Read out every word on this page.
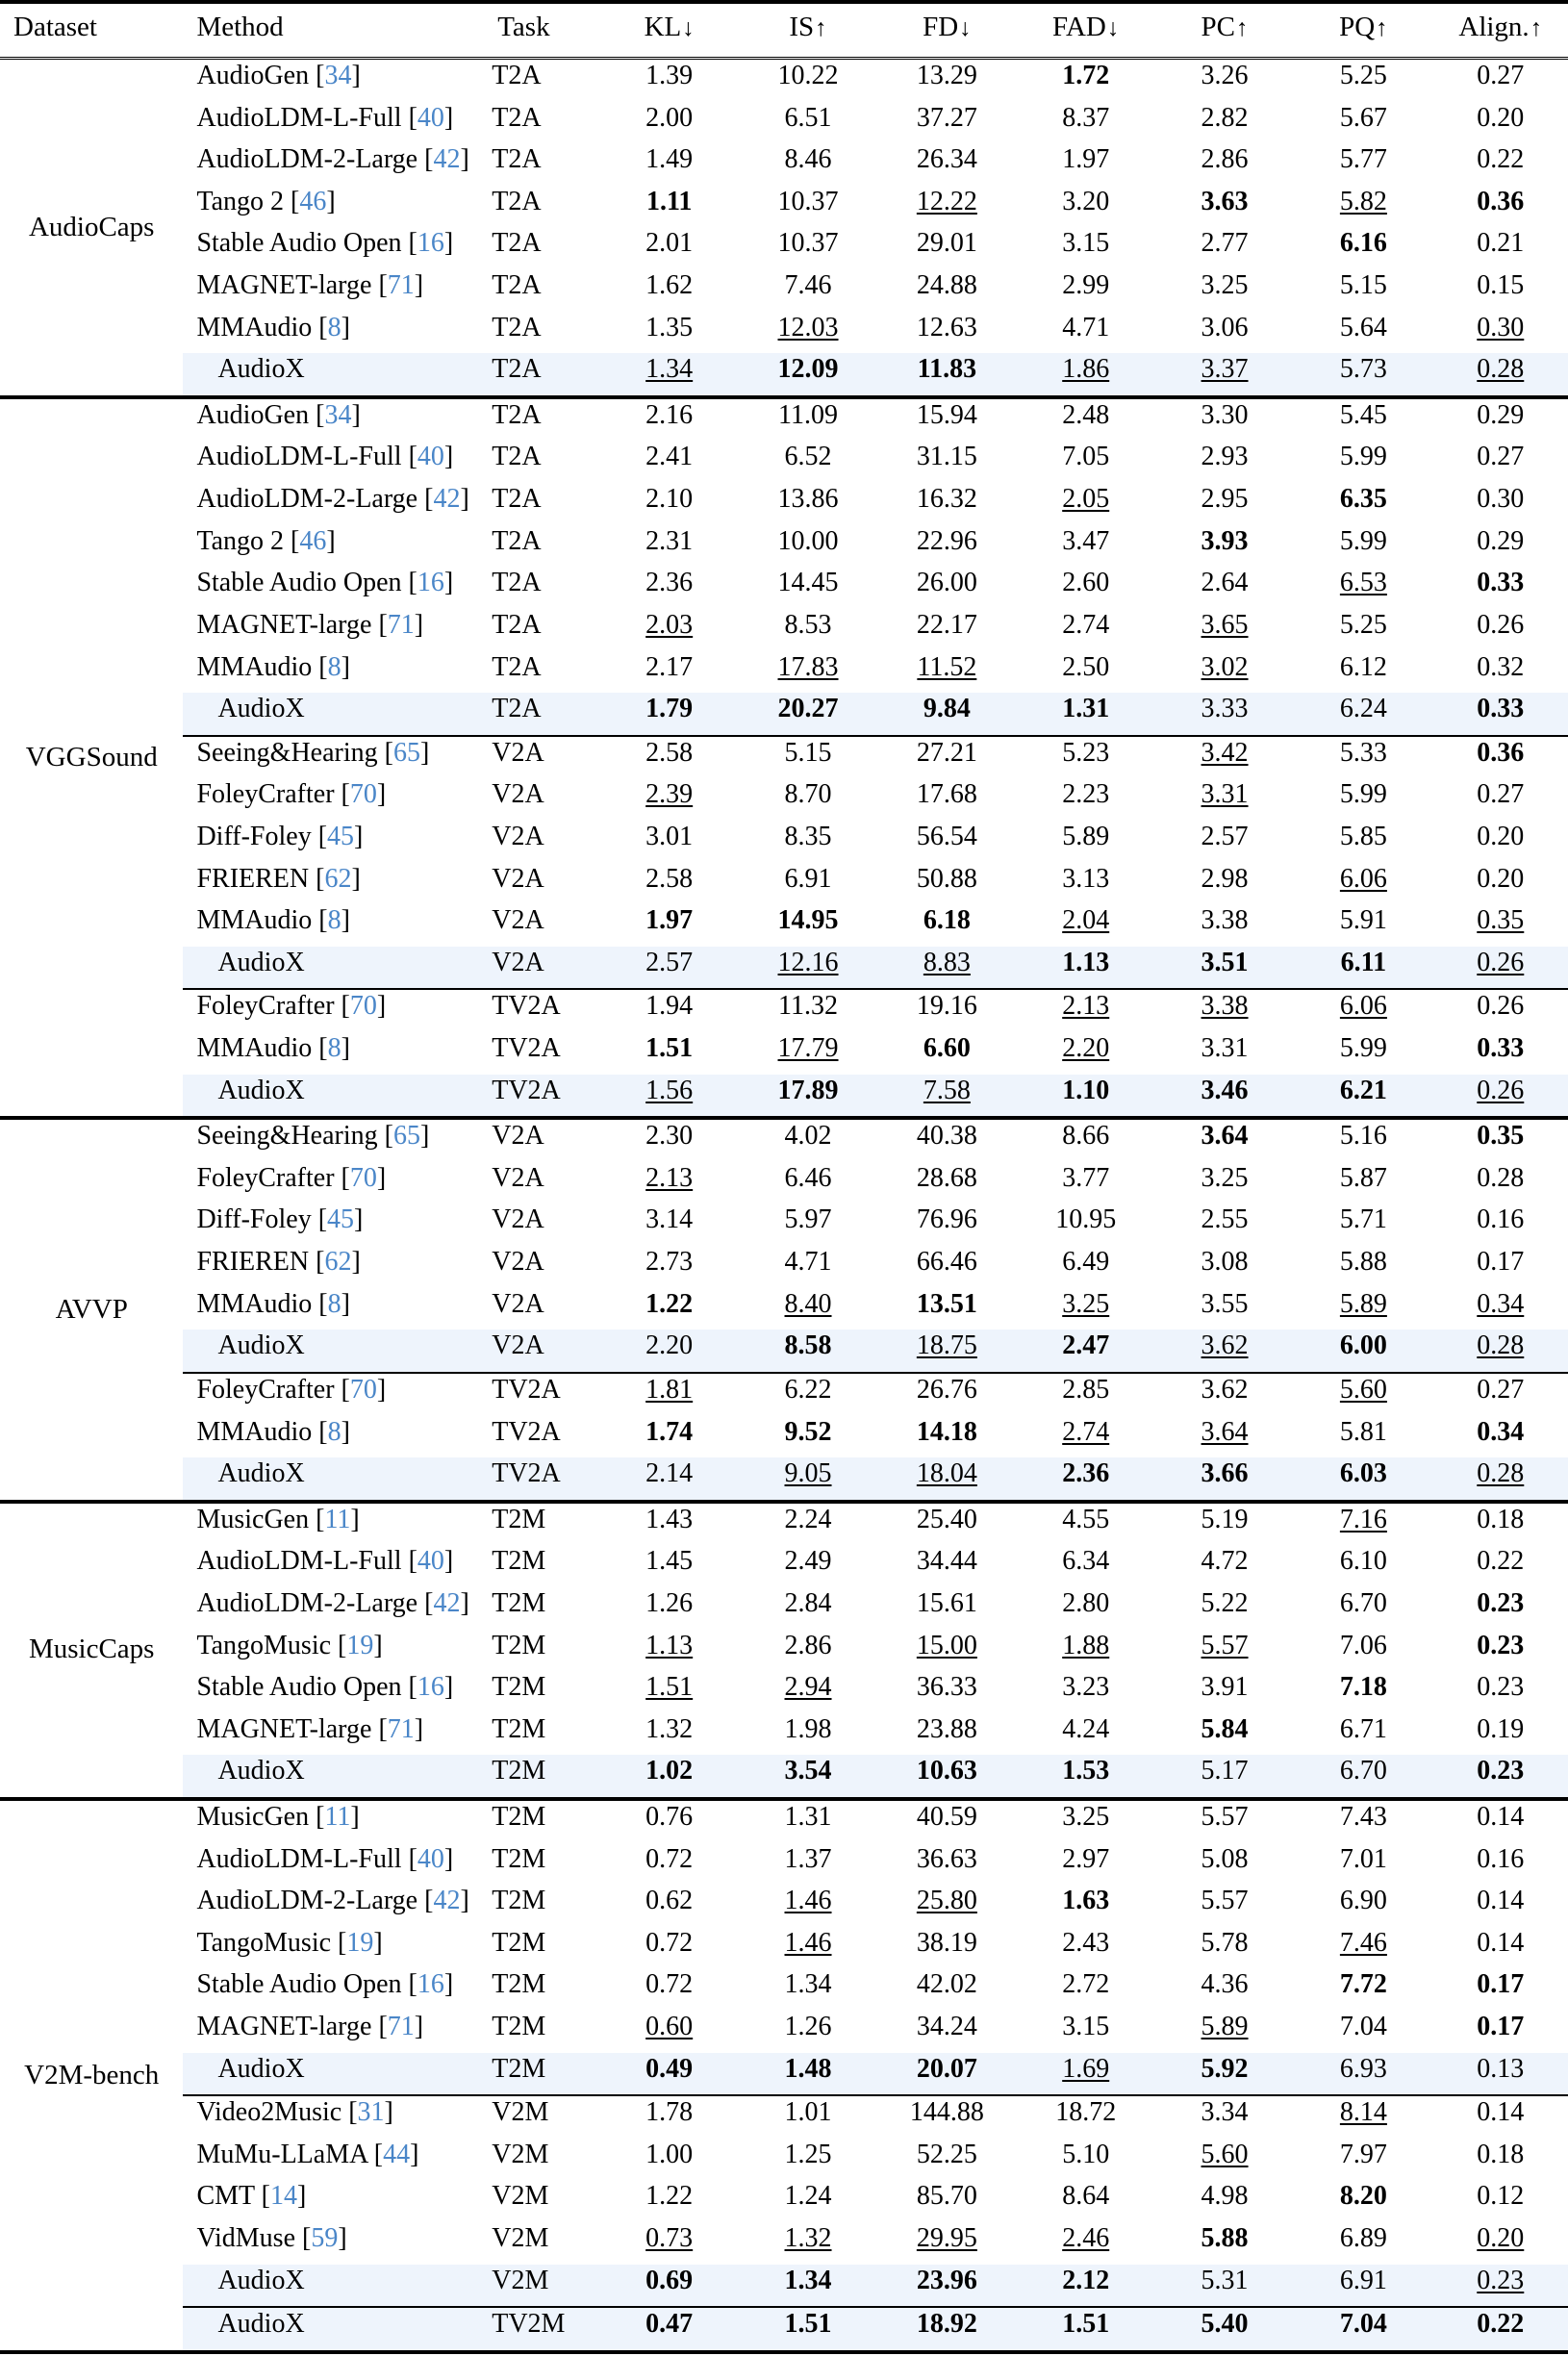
Dataset	Method	Task	KL↓	IS↑	FD↓	FAD↓	PC↑	PQ↑	Align.↑
AudioCaps	AudioGen [34]	T2A	1.39	10.22	13.29	1.72	3.26	5.25	0.27

	AudioLDM-L-Full [40]	T2A	2.00	6.51	37.27	8.37	2.82	5.67	0.20

	AudioLDM-2-Large [42]	T2A	1.49	8.46	26.34	1.97	2.86	5.77	0.22

	Tango 2 [46]	T2A	1.11	10.37	12.22	3.20	3.63	5.82	0.36

	Stable Audio Open [16]	T2A	2.01	10.37	29.01	3.15	2.77	6.16	0.21

	MAGNET-large [71]	T2A	1.62	7.46	24.88	2.99	3.25	5.15	0.15

	MMAudio [8]	T2A	1.35	12.03	12.63	4.71	3.06	5.64	0.30

	AudioX	T2A	1.34	12.09	11.83	1.86	3.37	5.73	0.28

VGGSound	AudioGen [34]	T2A	2.16	11.09	15.94	2.48	3.30	5.45	0.29

	AudioLDM-L-Full [40]	T2A	2.41	6.52	31.15	7.05	2.93	5.99	0.27

	AudioLDM-2-Large [42]	T2A	2.10	13.86	16.32	2.05	2.95	6.35	0.30

	Tango 2 [46]	T2A	2.31	10.00	22.96	3.47	3.93	5.99	0.29

	Stable Audio Open [16]	T2A	2.36	14.45	26.00	2.60	2.64	6.53	0.33

	MAGNET-large [71]	T2A	2.03	8.53	22.17	2.74	3.65	5.25	0.26

	MMAudio [8]	T2A	2.17	17.83	11.52	2.50	3.02	6.12	0.32

	AudioX	T2A	1.79	20.27	9.84	1.31	3.33	6.24	0.33

	Seeing&Hearing [65]	V2A	2.58	5.15	27.21	5.23	3.42	5.33	0.36

	FoleyCrafter [70]	V2A	2.39	8.70	17.68	2.23	3.31	5.99	0.27

	Diff-Foley [45]	V2A	3.01	8.35	56.54	5.89	2.57	5.85	0.20

	FRIEREN [62]	V2A	2.58	6.91	50.88	3.13	2.98	6.06	0.20

	MMAudio [8]	V2A	1.97	14.95	6.18	2.04	3.38	5.91	0.35

	AudioX	V2A	2.57	12.16	8.83	1.13	3.51	6.11	0.26

	FoleyCrafter [70]	TV2A	1.94	11.32	19.16	2.13	3.38	6.06	0.26

	MMAudio [8]	TV2A	1.51	17.79	6.60	2.20	3.31	5.99	0.33

	AudioX	TV2A	1.56	17.89	7.58	1.10	3.46	6.21	0.26

AVVP	Seeing&Hearing [65]	V2A	2.30	4.02	40.38	8.66	3.64	5.16	0.35

	FoleyCrafter [70]	V2A	2.13	6.46	28.68	3.77	3.25	5.87	0.28

	Diff-Foley [45]	V2A	3.14	5.97	76.96	10.95	2.55	5.71	0.16

	FRIEREN [62]	V2A	2.73	4.71	66.46	6.49	3.08	5.88	0.17

	MMAudio [8]	V2A	1.22	8.40	13.51	3.25	3.55	5.89	0.34

	AudioX	V2A	2.20	8.58	18.75	2.47	3.62	6.00	0.28

	FoleyCrafter [70]	TV2A	1.81	6.22	26.76	2.85	3.62	5.60	0.27

	MMAudio [8]	TV2A	1.74	9.52	14.18	2.74	3.64	5.81	0.34

	AudioX	TV2A	2.14	9.05	18.04	2.36	3.66	6.03	0.28

MusicCaps	MusicGen [11]	T2M	1.43	2.24	25.40	4.55	5.19	7.16	0.18

	AudioLDM-L-Full [40]	T2M	1.45	2.49	34.44	6.34	4.72	6.10	0.22

	AudioLDM-2-Large [42]	T2M	1.26	2.84	15.61	2.80	5.22	6.70	0.23

	TangoMusic [19]	T2M	1.13	2.86	15.00	1.88	5.57	7.06	0.23

	Stable Audio Open [16]	T2M	1.51	2.94	36.33	3.23	3.91	7.18	0.23

	MAGNET-large [71]	T2M	1.32	1.98	23.88	4.24	5.84	6.71	0.19

	AudioX	T2M	1.02	3.54	10.63	1.53	5.17	6.70	0.23

V2M-bench	MusicGen [11]	T2M	0.76	1.31	40.59	3.25	5.57	7.43	0.14

	AudioLDM-L-Full [40]	T2M	0.72	1.37	36.63	2.97	5.08	7.01	0.16

	AudioLDM-2-Large [42]	T2M	0.62	1.46	25.80	1.63	5.57	6.90	0.14

	TangoMusic [19]	T2M	0.72	1.46	38.19	2.43	5.78	7.46	0.14

	Stable Audio Open [16]	T2M	0.72	1.34	42.02	2.72	4.36	7.72	0.17

	MAGNET-large [71]	T2M	0.60	1.26	34.24	3.15	5.89	7.04	0.17

	AudioX	T2M	0.49	1.48	20.07	1.69	5.92	6.93	0.13

	Video2Music [31]	V2M	1.78	1.01	144.88	18.72	3.34	8.14	0.14

	MuMu-LLaMA [44]	V2M	1.00	1.25	52.25	5.10	5.60	7.97	0.18

	CMT [14]	V2M	1.22	1.24	85.70	8.64	4.98	8.20	0.12

	VidMuse [59]	V2M	0.73	1.32	29.95	2.46	5.88	6.89	0.20

	AudioX	V2M	0.69	1.34	23.96	2.12	5.31	6.91	0.23

	AudioX	TV2M	0.47	1.51	18.92	1.51	5.40	7.04	0.22
